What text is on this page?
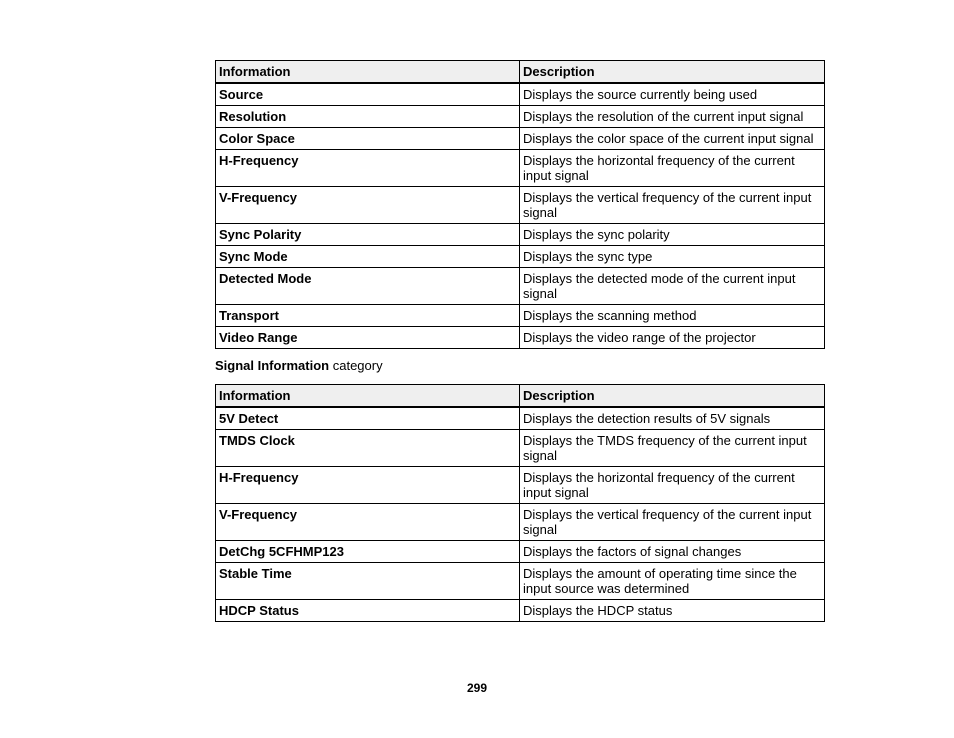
Information	Description
Source	Displays the source currently being used
Resolution	Displays the resolution of the current input signal
Color Space	Displays the color space of the current input signal
H-Frequency	Displays the horizontal frequency of the current input signal
V-Frequency	Displays the vertical frequency of the current input signal
Sync Polarity	Displays the sync polarity
Sync Mode	Displays the sync type
Detected Mode	Displays the detected mode of the current input signal
Transport	Displays the scanning method
Video Range	Displays the video range of the projector
Signal Information category
Information	Description
5V Detect	Displays the detection results of 5V signals
TMDS Clock	Displays the TMDS frequency of the current input signal
H-Frequency	Displays the horizontal frequency of the current input signal
V-Frequency	Displays the vertical frequency of the current input signal
DetChg 5CFHMP123	Displays the factors of signal changes
Stable Time	Displays the amount of operating time since the input source was determined
HDCP Status	Displays the HDCP status
299
